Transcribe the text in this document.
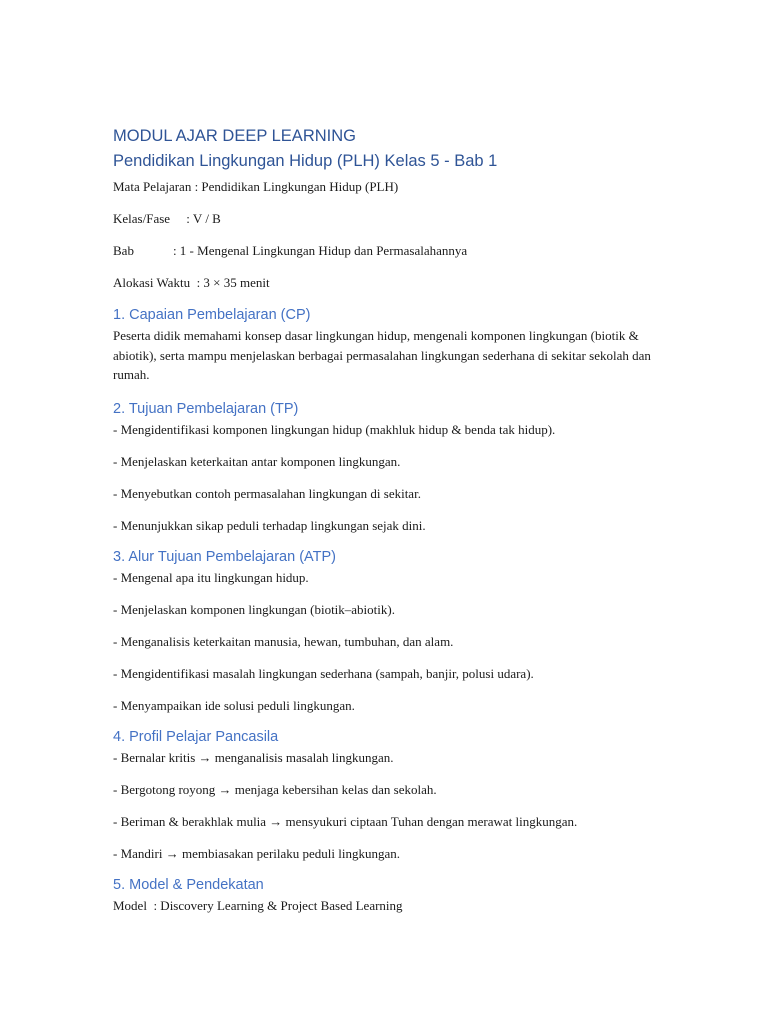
MODUL AJAR DEEP LEARNING
Pendidikan Lingkungan Hidup (PLH) Kelas 5 - Bab 1

Mata Pelajaran : Pendidikan Lingkungan Hidup (PLH)

Kelas/Fase     : V / B

Bab            : 1 - Mengenal Lingkungan Hidup dan Permasalahannya

Alokasi Waktu  : 3 × 35 menit

1. Capaian Pembelajaran (CP)

Peserta didik memahami konsep dasar lingkungan hidup, mengenali komponen lingkungan (biotik & abiotik), serta mampu menjelaskan berbagai permasalahan lingkungan sederhana di sekitar sekolah dan rumah.

2. Tujuan Pembelajaran (TP)

- Mengidentifikasi komponen lingkungan hidup (makhluk hidup & benda tak hidup).

- Menjelaskan keterkaitan antar komponen lingkungan.

- Menyebutkan contoh permasalahan lingkungan di sekitar.

- Menunjukkan sikap peduli terhadap lingkungan sejak dini.

3. Alur Tujuan Pembelajaran (ATP)

- Mengenal apa itu lingkungan hidup.

- Menjelaskan komponen lingkungan (biotik–abiotik).

- Menganalisis keterkaitan manusia, hewan, tumbuhan, dan alam.

- Mengidentifikasi masalah lingkungan sederhana (sampah, banjir, polusi udara).

- Menyampaikan ide solusi peduli lingkungan.

4. Profil Pelajar Pancasila

- Bernalar kritis → menganalisis masalah lingkungan.

- Bergotong royong → menjaga kebersihan kelas dan sekolah.

- Beriman & berakhlak mulia → mensyukuri ciptaan Tuhan dengan merawat lingkungan.

- Mandiri → membiasakan perilaku peduli lingkungan.

5. Model & Pendekatan

Model  : Discovery Learning & Project Based Learning
